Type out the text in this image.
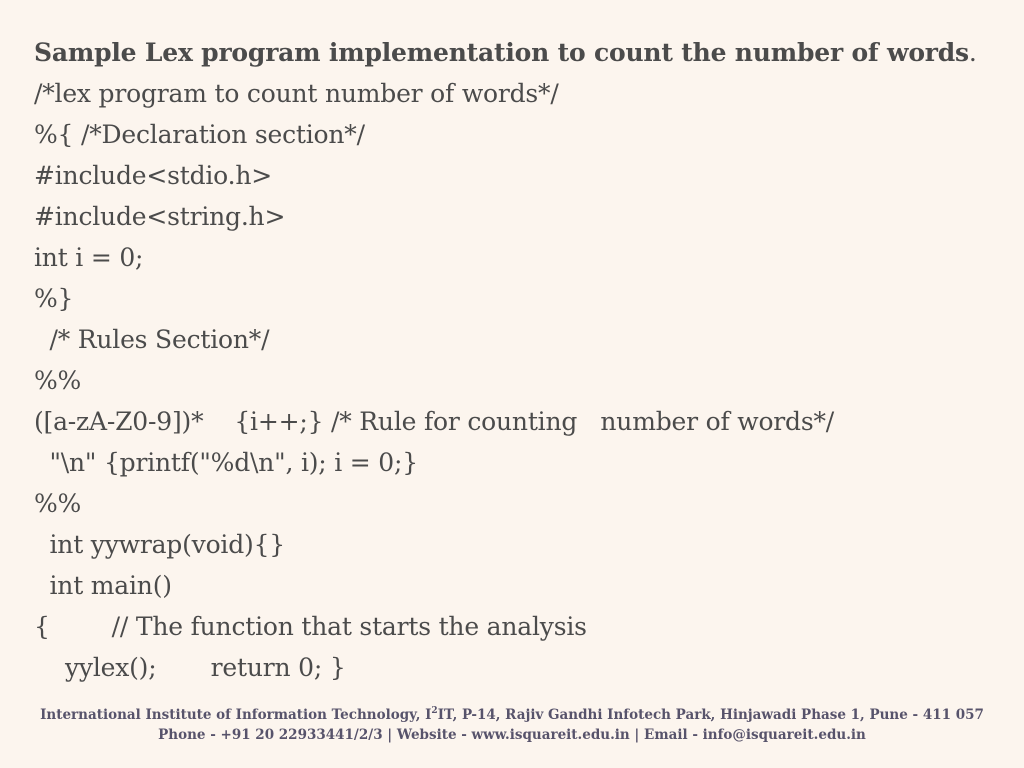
Sample Lex program implementation to count the number of words.
/*lex program to count number of words*/
%{ /*Declaration section*/
#include<stdio.h>
#include<string.h>
int i = 0;
%}
/* Rules Section*/
%%
([a-zA-Z0-9])*    {i++;} /* Rule for counting   number of words*/
"\n" {printf("%d\n", i); i = 0;}
%%
int yywrap(void){}
int main()
{        // The function that starts the analysis
yylex();       return 0; }
International Institute of Information Technology, $I^2IT$, P-14, Rajiv Gandhi Infotech Park, Hinjawadi Phase 1, Pune - 411 057
Phone - +91 20 22933441/2/3 | Website - www.isquareit.edu.in | Email - info@isquareit.edu.in
